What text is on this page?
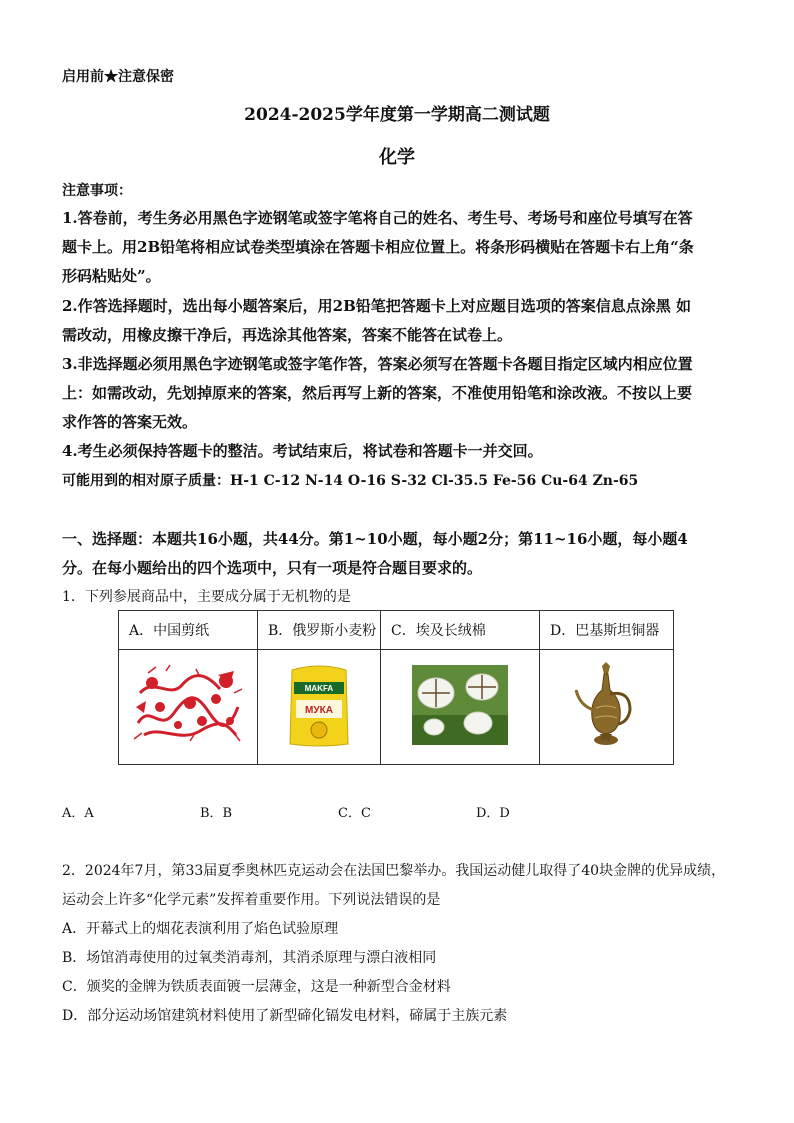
启用前★注意保密
2024-2025学年度第一学期高二测试题
化学
注意事项：
1.答卷前，考生务必用黑色字迹钢笔或签字笔将自己的姓名、考生号、考场号和座位号填写在答
题卡上。用2B铅笔将相应试卷类型填涂在答题卡相应位置上。将条形码横贴在答题卡右上角“条
形码粘贴处”。
2.作答选择题时，选出每小题答案后，用2B铅笔把答题卡上对应题目选项的答案信息点涂黑 如
需改动，用橡皮擦干净后，再选涂其他答案，答案不能答在试卷上。
3.非选择题必须用黑色字迹钢笔或签字笔作答，答案必须写在答题卡各题目指定区域内相应位置
上：如需改动，先划掉原来的答案，然后再写上新的答案，不准使用铅笔和涂改液。不按以上要
求作答的答案无效。
4.考生必须保持答题卡的整洁。考试结束后，将试卷和答题卡一并交回。
可能用到的相对原子质量：H-1 C-12 N-14 O-16 S-32 Cl-35.5 Fe-56 Cu-64 Zn-65
一、选择题：本题共16小题，共44分。第1~10小题，每小题2分；第11~16小题，每小题4
分。在每小题给出的四个选项中，只有一项是符合题目要求的。
1．下列参展商品中，主要成分属于无机物的是
A．中国剪纸	B．俄罗斯小麦粉	C．埃及长绒棉	D．巴基斯坦铜器

MAKFA
МУКА

A．A	B．B	C．C	D．D
2．2024年7月，第33届夏季奥林匹克运动会在法国巴黎举办。我国运动健儿取得了40块金牌的优异成绩，
运动会上许多“化学元素”发挥着重要作用。下列说法错误的是
A．开幕式上的烟花表演利用了焰色试验原理
B．场馆消毒使用的过氧类消毒剂，其消杀原理与漂白液相同
C．颁奖的金牌为铁质表面镀一层薄金，这是一种新型合金材料
D．部分运动场馆建筑材料使用了新型碲化镉发电材料，碲属于主族元素
